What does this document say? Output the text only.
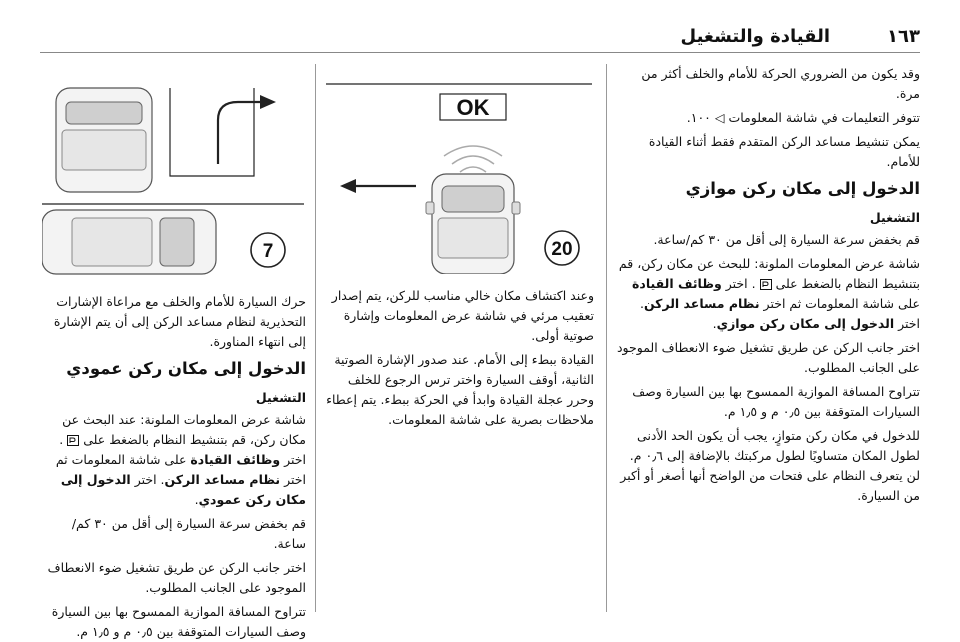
١٦٣
القيادة والتشغيل

وقد يكون من الضروري الحركة للأمام والخلف أكثر من
مرة.

تتوفر التعليمات في شاشة المعلومات ◁ ١٠٠.

يمكن تنشيط مساعد الركن المتقدم فقط أثناء القيادة للأمام.

الدخول إلى مكان ركن موازي
التشغيل

قم بخفض سرعة السيارة إلى أقل من ٣٠ كم/ساعة.

شاشة عرض المعلومات الملونة: للبحث عن مكان ركن، قم بتنشيط النظام بالضغط على  . اختر وظائف القيادة على شاشة المعلومات ثم اختر نظام مساعد الركن. اختر الدخول إلى مكان ركن موازي.

اختر جانب الركن عن طريق تشغيل ضوء الانعطاف الموجود على الجانب المطلوب.

تتراوح المسافة الموازية الممسوح بها بين السيارة وصف السيارات المتوقفة بين ٠٫٥ م و ١٫٥ م.

للدخول في مكان ركن متوازٍ، يجب أن يكون الحد الأدنى لطول المكان متساويًا لطول مركبتك بالإضافة إلى ٠٫٦ م. لن يتعرف النظام على فتحات من الواضح أنها أصغر أو أكبر من السيارة.

OK
20

وعند اكتشاف مكان خالي مناسب للركن، يتم إصدار تعقيب مرئي في شاشة عرض المعلومات وإشارة صوتية أولى.

القيادة ببطء إلى الأمام. عند صدور الإشارة الصوتية الثانية، أوقف السيارة واختر ترس الرجوع للخلف وحرر عجلة القيادة وابدأ في الحركة ببطء. يتم إعطاء ملاحظات بصرية على شاشة المعلومات.

7

حرك السيارة للأمام والخلف مع مراعاة الإشارات التحذيرية لنظام مساعد الركن إلى أن يتم الإشارة إلى انتهاء المناورة.

الدخول إلى مكان ركن عمودي
التشغيل

شاشة عرض المعلومات الملونة: عند البحث عن مكان ركن، قم بتنشيط النظام بالضغط على  . اختر وظائف القيادة على شاشة المعلومات ثم اختر نظام مساعد الركن. اختر الدخول إلى مكان ركن عمودي.

قم بخفض سرعة السيارة إلى أقل من ٣٠ كم/ساعة.

اختر جانب الركن عن طريق تشغيل ضوء الانعطاف الموجود على الجانب المطلوب.

تتراوح المسافة الموازية الممسوح بها بين السيارة وصف السيارات المتوقفة بين ٠٫٥ م و ١٫٥ م.
